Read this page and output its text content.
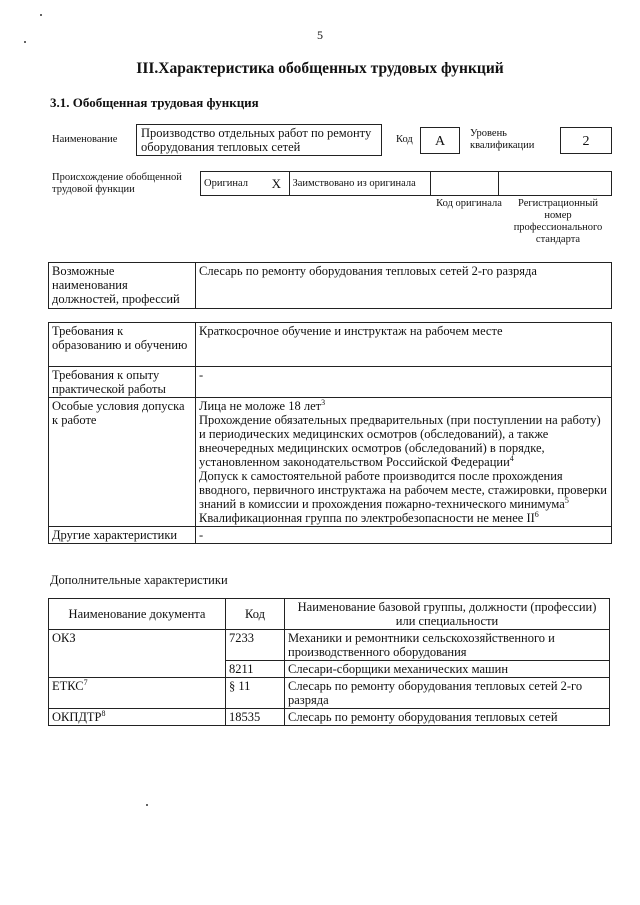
5
III.Характеристика обобщенных трудовых функций
3.1. Обобщенная трудовая функция
Наименование	Производство отдельных работ по ремонту оборудования тепловых сетей
Код	A
Уровень квалификации	2
Происхождение обобщенной трудовой функции
Оригинал	X	Заимствовано из оригинала		
Код оригинала	Регистрационный номер профессионального стандарта
Возможные наименования должностей, профессий	Слесарь по ремонту оборудования тепловых сетей 2-го разряда
Требования к образованию и обучению	Краткосрочное обучение и инструктаж на рабочем месте
Требования к опыту практической работы	-
Особые условия допуска к работе	Лица не моложе 18 лет$^3$
Прохождение обязательных предварительных (при поступлении на работу) и периодических медицинских осмотров (обследований), а также внеочередных медицинских осмотров (обследований) в порядке, установленном законодательством Российской Федерации$^4$
Допуск к самостоятельной работе производится после прохождения вводного, первичного инструктажа на рабочем месте, стажировки, проверки знаний в комиссии и прохождения пожарно-технического минимума$^5$
Квалификационная группа по электробезопасности не менее $II^6$

Другие характеристики	-
Дополнительные характеристики
Наименование документа	Код	Наименование базовой группы, должности (профессии) или специальности
ОКЗ	7233	Механики и ремонтники сельскохозяйственного и производственного оборудования
	8211	Слесари-сборщики механических машин
ЕТКС$^7$	§ 11	Слесарь по ремонту оборудования тепловых сетей 2-го разряда
ОКПДТР$^8$	18535	Слесарь по ремонту оборудования тепловых сетей
